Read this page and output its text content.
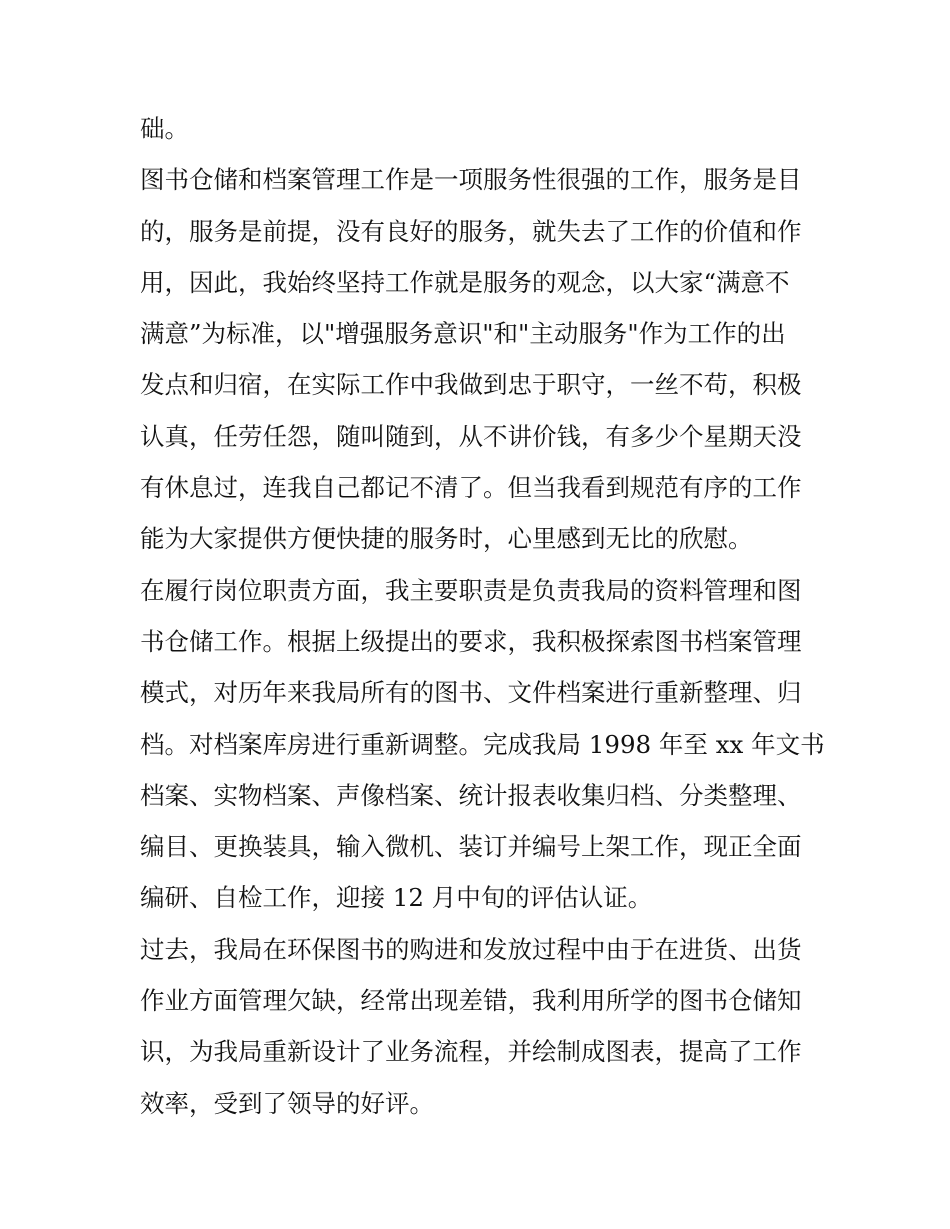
础。
图书仓储和档案管理工作是一项服务性很强的工作，服务是目
的，服务是前提，没有良好的服务，就失去了工作的价值和作
用，因此，我始终坚持工作就是服务的观念，以大家“满意不
满意”为标准，以"增强服务意识"和"主动服务"作为工作的出
发点和归宿，在实际工作中我做到忠于职守，一丝不苟，积极
认真，任劳任怨，随叫随到，从不讲价钱，有多少个星期天没
有休息过，连我自己都记不清了。但当我看到规范有序的工作
能为大家提供方便快捷的服务时，心里感到无比的欣慰。
在履行岗位职责方面，我主要职责是负责我局的资料管理和图
书仓储工作。根据上级提出的要求，我积极探索图书档案管理
模式，对历年来我局所有的图书、文件档案进行重新整理、归
档。对档案库房进行重新调整。完成我局 1998 年至 xx 年文书
档案、实物档案、声像档案、统计报表收集归档、分类整理、
编目、更换装具，输入微机、装订并编号上架工作，现正全面
编研、自检工作，迎接 12 月中旬的评估认证。
过去，我局在环保图书的购进和发放过程中由于在进货、出货
作业方面管理欠缺，经常出现差错，我利用所学的图书仓储知
识，为我局重新设计了业务流程，并绘制成图表，提高了工作
效率，受到了领导的好评。
